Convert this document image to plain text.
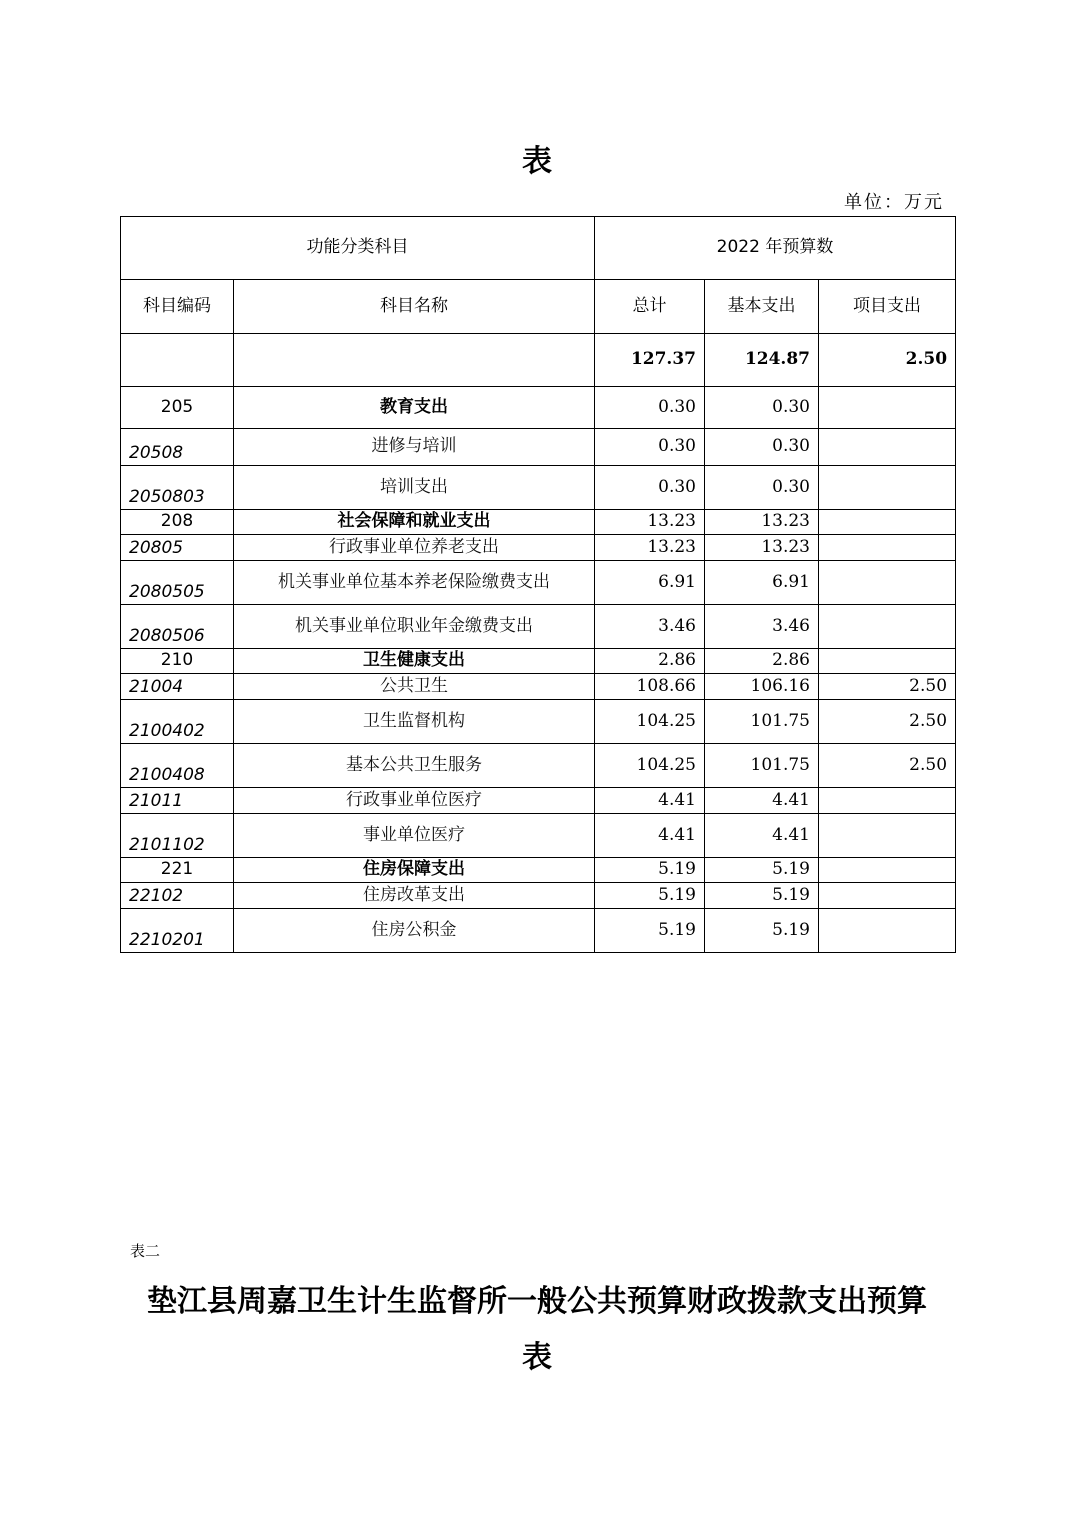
表
单位：万元
功能分类科目		2022 年预算数		
科目编码	科目名称	总计	基本支出	项目支出
		127.37	124.87	2.50
205	教育支出	0.30	0.30	
20508	进修与培训	0.30	0.30	
2050803	培训支出	0.30	0.30	
208	社会保障和就业支出	13.23	13.23	
20805	行政事业单位养老支出	13.23	13.23	
2080505	机关事业单位基本养老保险缴费支出	6.91	6.91	
2080506	机关事业单位职业年金缴费支出	3.46	3.46	
210	卫生健康支出	2.86	2.86	
21004	公共卫生	108.66	106.16	2.50
2100402	卫生监督机构	104.25	101.75	2.50
2100408	基本公共卫生服务	104.25	101.75	2.50
21011	行政事业单位医疗	4.41	4.41	
2101102	事业单位医疗	4.41	4.41	
221	住房保障支出	5.19	5.19	
22102	住房改革支出	5.19	5.19	
2210201	住房公积金	5.19	5.19	
表二
垫江县周嘉卫生计生监督所一般公共预算财政拨款支出预算
表
